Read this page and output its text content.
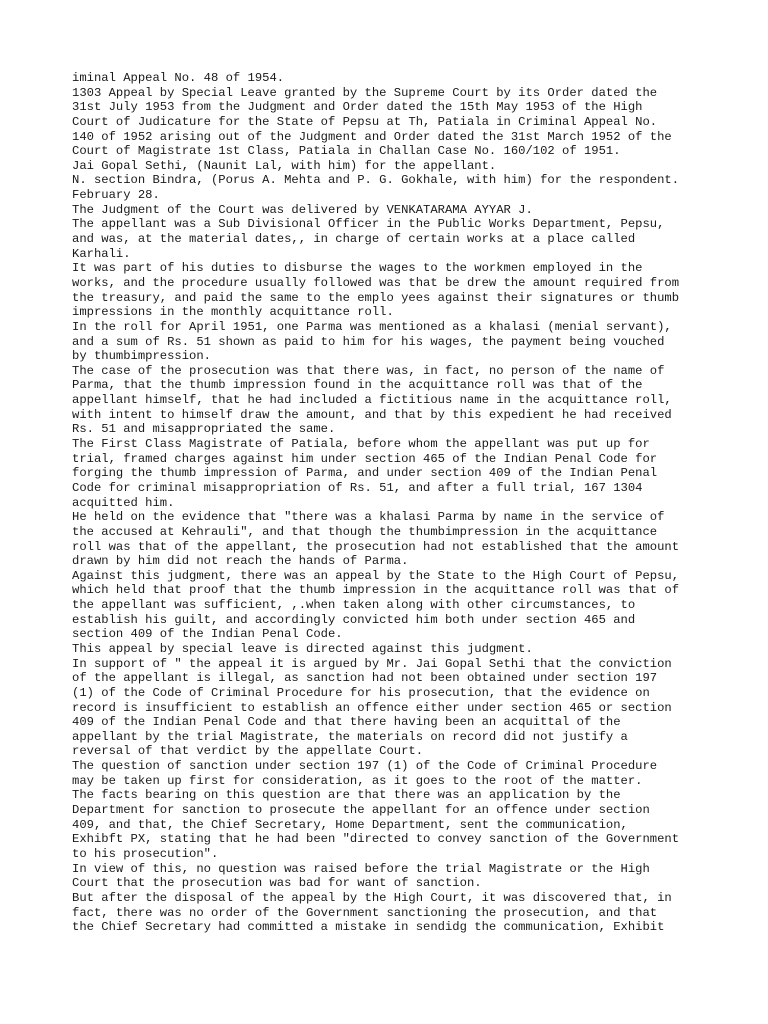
iminal Appeal No. 48 of 1954.
1303 Appeal by Special Leave granted by the Supreme Court by its Order dated the
31st July 1953 from the Judgment and Order dated the 15th May 1953 of the High
Court of Judicature for the State of Pepsu at Th, Patiala in Criminal Appeal No.
140 of 1952 arising out of the Judgment and Order dated the 31st March 1952 of the
Court of Magistrate 1st Class, Patiala in Challan Case No. 160/102 of 1951.
Jai Gopal Sethi, (Naunit Lal, with him) for the appellant.
N. section Bindra, (Porus A. Mehta and P. G. Gokhale, with him) for the respondent.
February 28.
The Judgment of the Court was delivered by VENKATARAMA AYYAR J.
The appellant was a Sub Divisional Officer in the Public Works Department, Pepsu,
and was, at the material dates,, in charge of certain works at a place called
Karhali.
It was part of his duties to disburse the wages to the workmen employed in the
works, and the procedure usually followed was that be drew the amount required from
the treasury, and paid the same to the emplo yees against their signatures or thumb
impressions in the monthly acquittance roll.
In the roll for April 1951, one Parma was mentioned as a khalasi (menial servant),
and a sum of Rs. 51 shown as paid to him for his wages, the payment being vouched
by thumbimpression.
The case of the prosecution was that there was, in fact, no person of the name of
Parma, that the thumb impression found in the acquittance roll was that of the
appellant himself, that he had included a fictitious name in the acquittance roll,
with intent to himself draw the amount, and that by this expedient he had received
Rs. 51 and misappropriated the same.
The First Class Magistrate of Patiala, before whom the appellant was put up for
trial, framed charges against him under section 465 of the Indian Penal Code for
forging the thumb impression of Parma, and under section 409 of the Indian Penal
Code for criminal misappropriation of Rs. 51, and after a full trial, 167 1304
acquitted him.
He held on the evidence that "there was a khalasi Parma by name in the service of
the accused at Kehrauli", and that though the thumbimpression in the acquittance
roll was that of the appellant, the prosecution had not established that the amount
drawn by him did not reach the hands of Parma.
Against this judgment, there was an appeal by the State to the High Court of Pepsu,
which held that proof that the thumb impression in the acquittance roll was that of
the appellant was sufficient, ,.when taken along with other circumstances, to
establish his guilt, and accordingly convicted him both under section 465 and
section 409 of the Indian Penal Code.
This appeal by special leave is directed against this judgment.
In support of " the appeal it is argued by Mr. Jai Gopal Sethi that the conviction
of the appellant is illegal, as sanction had not been obtained under section 197
(1) of the Code of Criminal Procedure for his prosecution, that the evidence on
record is insufficient to establish an offence either under section 465 or section
409 of the Indian Penal Code and that there having been an acquittal of the
appellant by the trial Magistrate, the materials on record did not justify a
reversal of that verdict by the appellate Court.
The question of sanction under section 197 (1) of the Code of Criminal Procedure
may be taken up first for consideration, as it goes to the root of the matter.
The facts bearing on this question are that there was an application by the
Department for sanction to prosecute the appellant for an offence under section
409, and that, the Chief Secretary, Home Department, sent the communication,
Exhibft PX, stating that he had been "directed to convey sanction of the Government
to his prosecution".
In view of this, no question was raised before the trial Magistrate or the High
Court that the prosecution was bad for want of sanction.
But after the disposal of the appeal by the High Court, it was discovered that, in
fact, there was no order of the Government sanctioning the prosecution, and that
the Chief Secretary had committed a mistake in sendidg the communication, Exhibit
